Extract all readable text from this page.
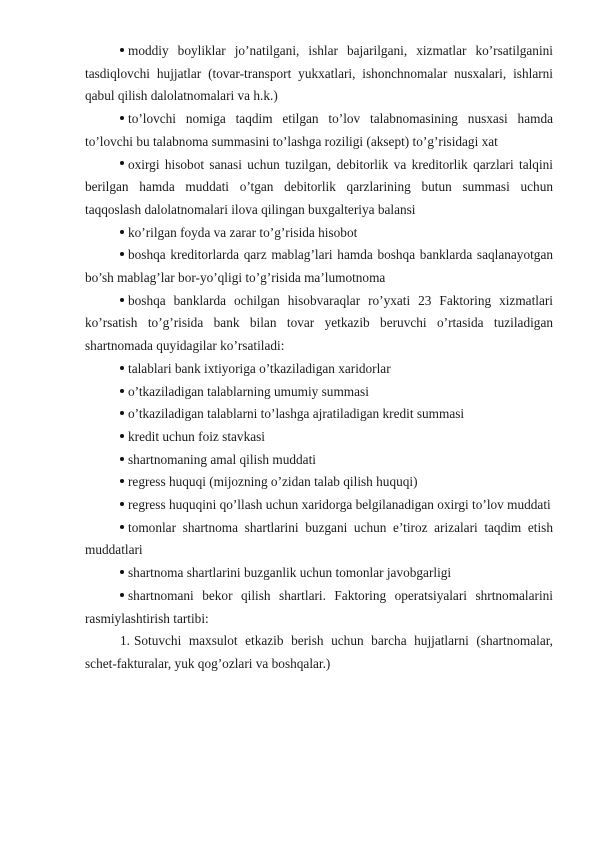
moddiy boyliklar jo’natilgani, ishlar bajarilgani, xizmatlar ko’rsatilganini tasdiqlovchi hujjatlar (tovar-transport yukxatlari, ishonchnomalar nusxalari, ishlarni qabul qilish dalolatnomalari va h.k.)

to’lovchi nomiga taqdim etilgan to’lov talabnomasining nusxasi hamda to’lovchi bu talabnoma summasini to’lashga roziligi (aksept) to’g’risidagi xat

oxirgi hisobot sanasi uchun tuzilgan, debitorlik va kreditorlik qarzlari talqini berilgan hamda muddati o’tgan debitorlik qarzlarining butun summasi uchun taqqoslash dalolatnomalari ilova qilingan buxgalteriya balansi

ko’rilgan foyda va zarar to’g’risida hisobot

boshqa kreditorlarda qarz mablag’lari hamda boshqa banklarda saqlanayotgan bo’sh mablag’lar bor-yo’qligi to’g’risida ma’lumotnoma

boshqa banklarda ochilgan hisobvaraqlar ro’yxati 23 Faktoring xizmatlari ko’rsatish to’g’risida bank bilan tovar yetkazib beruvchi o’rtasida tuziladigan shartnomada quyidagilar ko’rsatiladi:

talablari bank ixtiyoriga o’tkaziladigan xaridorlar

o’tkaziladigan talablarning umumiy summasi

o’tkaziladigan talablarni to’lashga ajratiladigan kredit summasi

kredit uchun foiz stavkasi

shartnomaning amal qilish muddati

regress huquqi (mijozning o’zidan talab qilish huquqi)

regress huquqini qo’llash uchun xaridorga belgilanadigan oxirgi to’lov muddati

tomonlar shartnoma shartlarini buzgani uchun e’tiroz arizalari taqdim etish muddatlari

shartnoma shartlarini buzganlik uchun tomonlar javobgarligi

shartnomani bekor qilish shartlari. Faktoring operatsiyalari shrtnomalarini rasmiylashtirish tartibi:

1. Sotuvchi maxsulot etkazib berish uchun barcha hujjatlarni (shartnomalar, schet-fakturalar, yuk qog’ozlari va boshqalar.)
